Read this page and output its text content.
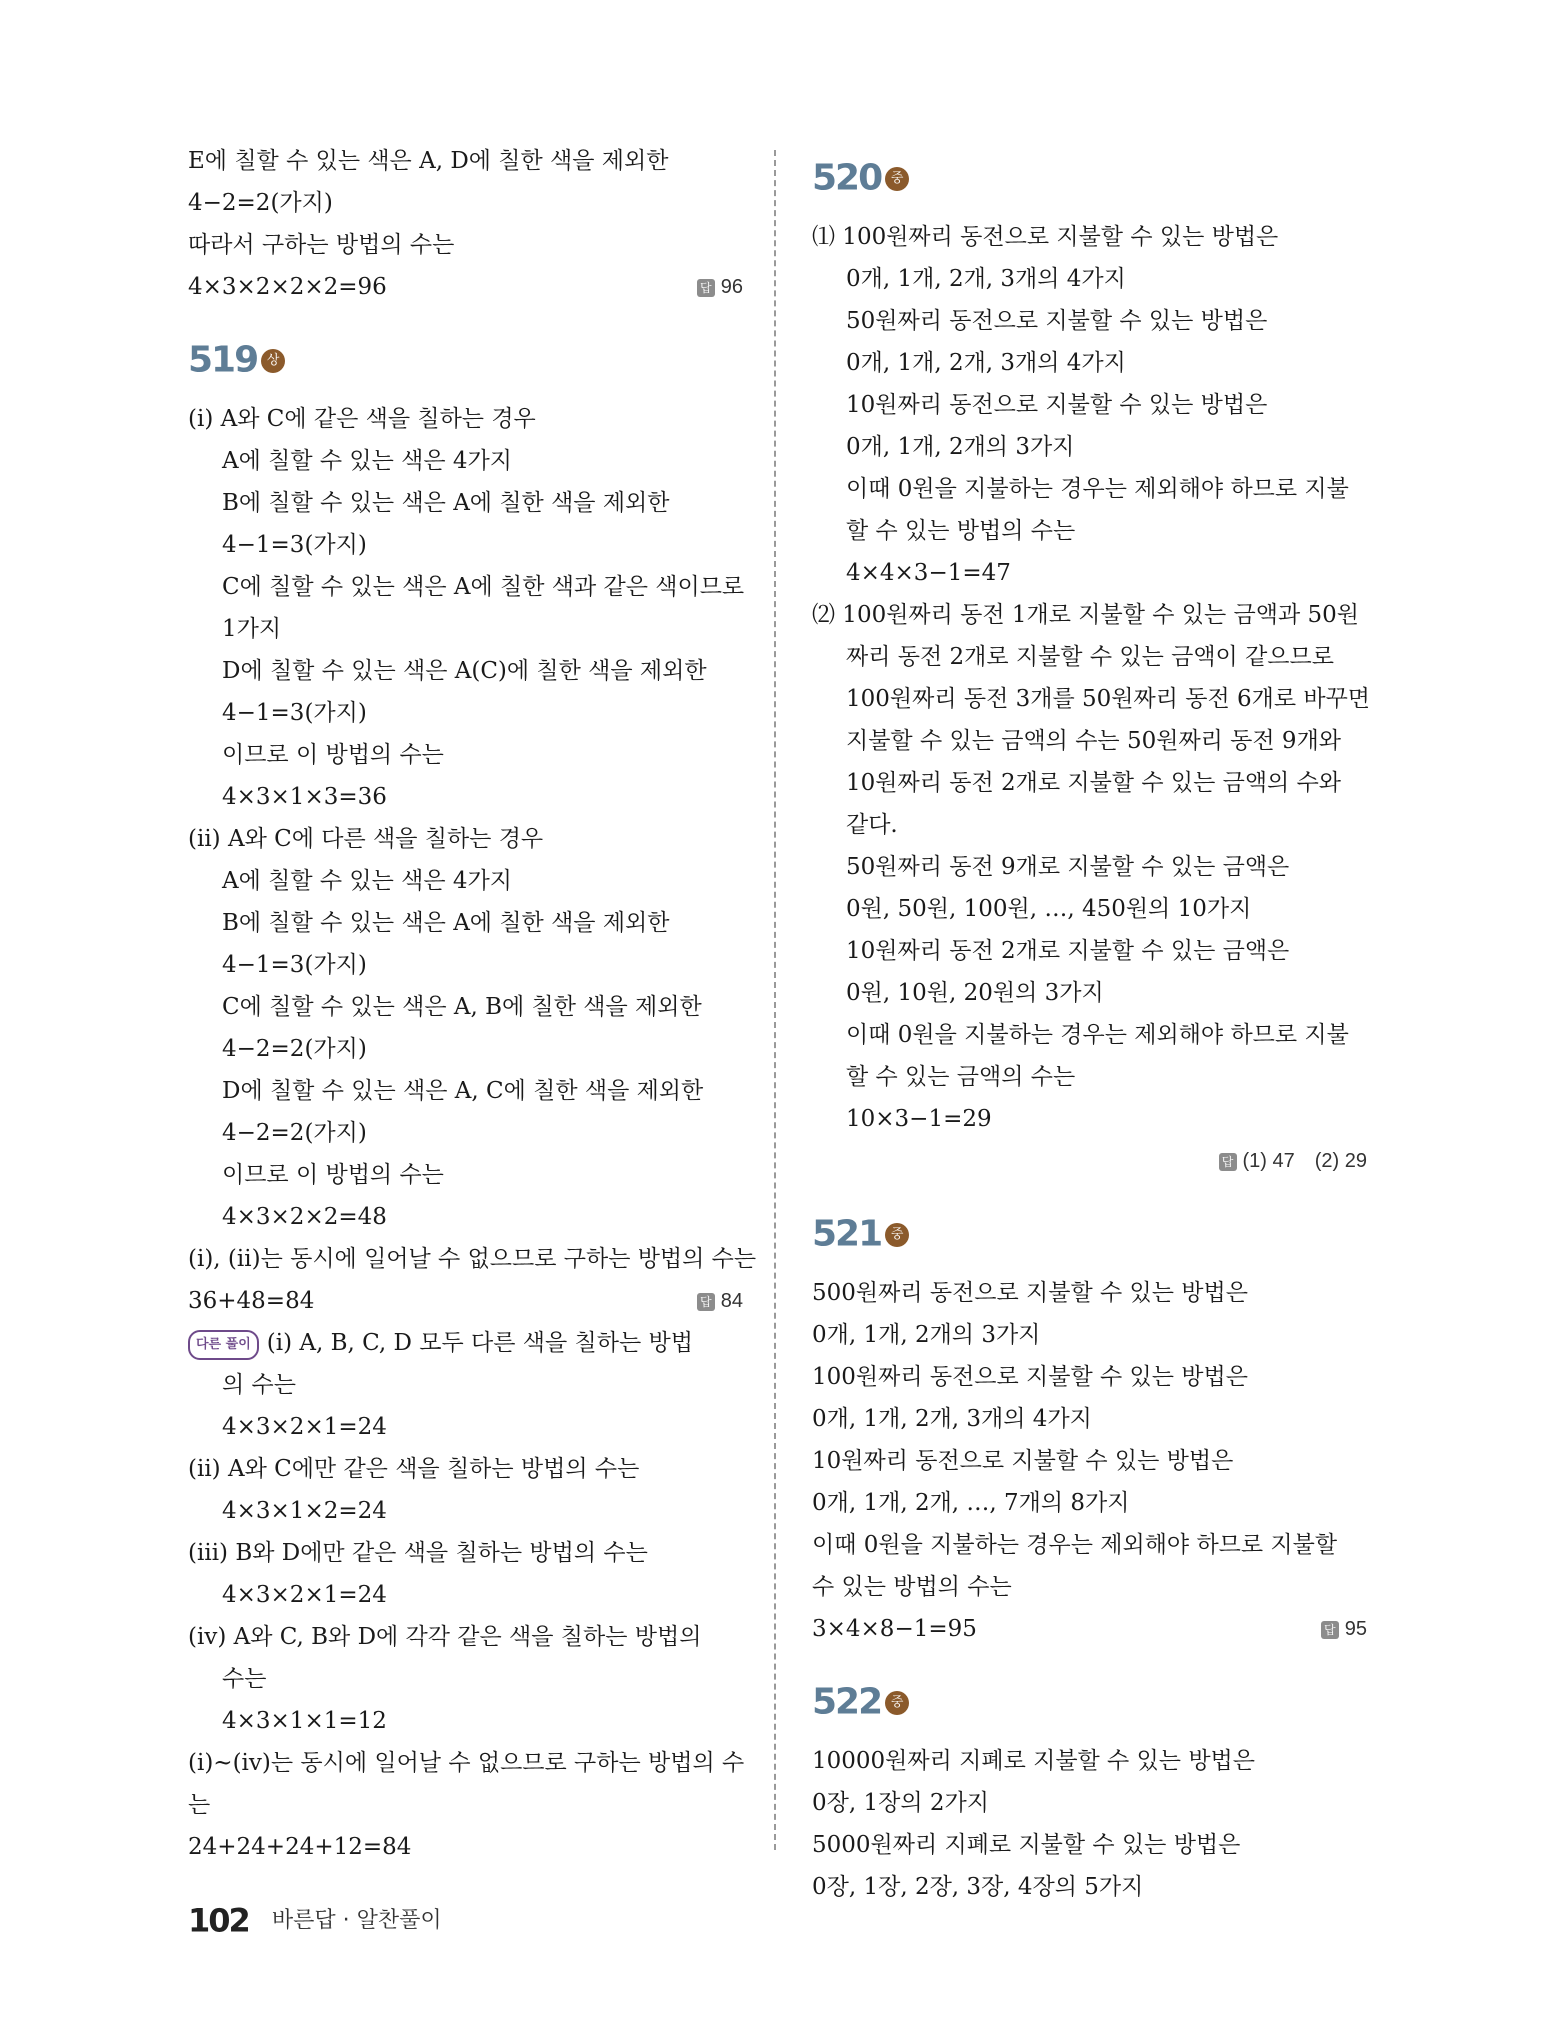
E에 칠할 수 있는 색은 A, D에 칠한 색을 제외한
4−2=2(가지)
따라서 구하는 방법의 수는
4×3×2×2×2=96	답 96
519 상
(ⅰ) A와 C에 같은 색을 칠하는 경우
A에 칠할 수 있는 색은 4가지
B에 칠할 수 있는 색은 A에 칠한 색을 제외한
4−1=3(가지)
C에 칠할 수 있는 색은 A에 칠한 색과 같은 색이므로
1가지
D에 칠할 수 있는 색은 A(C)에 칠한 색을 제외한
4−1=3(가지)
이므로 이 방법의 수는
4×3×1×3=36
(ⅱ) A와 C에 다른 색을 칠하는 경우
A에 칠할 수 있는 색은 4가지
B에 칠할 수 있는 색은 A에 칠한 색을 제외한
4−1=3(가지)
C에 칠할 수 있는 색은 A, B에 칠한 색을 제외한
4−2=2(가지)
D에 칠할 수 있는 색은 A, C에 칠한 색을 제외한
4−2=2(가지)
이므로 이 방법의 수는
4×3×2×2=48
(ⅰ), (ⅱ)는 동시에 일어날 수 없으므로 구하는 방법의 수는
36+48=84	답 84
다른 풀이 (ⅰ) A, B, C, D 모두 다른 색을 칠하는 방법
의 수는
4×3×2×1=24
(ⅱ) A와 C에만 같은 색을 칠하는 방법의 수는
4×3×1×2=24
(ⅲ) B와 D에만 같은 색을 칠하는 방법의 수는
4×3×2×1=24
(ⅳ) A와 C, B와 D에 각각 같은 색을 칠하는 방법의
수는
4×3×1×1=12
(ⅰ)~(ⅳ)는 동시에 일어날 수 없으므로 구하는 방법의 수
는
24+24+24+12=84
520 중
⑴ 100원짜리 동전으로 지불할 수 있는 방법은
0개, 1개, 2개, 3개의 4가지
50원짜리 동전으로 지불할 수 있는 방법은
0개, 1개, 2개, 3개의 4가지
10원짜리 동전으로 지불할 수 있는 방법은
0개, 1개, 2개의 3가지
이때 0원을 지불하는 경우는 제외해야 하므로 지불
할 수 있는 방법의 수는
4×4×3−1=47
⑵ 100원짜리 동전 1개로 지불할 수 있는 금액과 50원
짜리 동전 2개로 지불할 수 있는 금액이 같으므로
100원짜리 동전 3개를 50원짜리 동전 6개로 바꾸면
지불할 수 있는 금액의 수는 50원짜리 동전 9개와
10원짜리 동전 2개로 지불할 수 있는 금액의 수와
같다.
50원짜리 동전 9개로 지불할 수 있는 금액은
0원, 50원, 100원, …, 450원의 10가지
10원짜리 동전 2개로 지불할 수 있는 금액은
0원, 10원, 20원의 3가지
이때 0원을 지불하는 경우는 제외해야 하므로 지불
할 수 있는 금액의 수는
10×3−1=29
답 (1) 47　(2) 29
521 중
500원짜리 동전으로 지불할 수 있는 방법은
0개, 1개, 2개의 3가지
100원짜리 동전으로 지불할 수 있는 방법은
0개, 1개, 2개, 3개의 4가지
10원짜리 동전으로 지불할 수 있는 방법은
0개, 1개, 2개, …, 7개의 8가지
이때 0원을 지불하는 경우는 제외해야 하므로 지불할
수 있는 방법의 수는
3×4×8−1=95	답 95
522 중
10000원짜리 지폐로 지불할 수 있는 방법은
0장, 1장의 2가지
5000원짜리 지폐로 지불할 수 있는 방법은
0장, 1장, 2장, 3장, 4장의 5가지
102 바른답 · 알찬풀이
